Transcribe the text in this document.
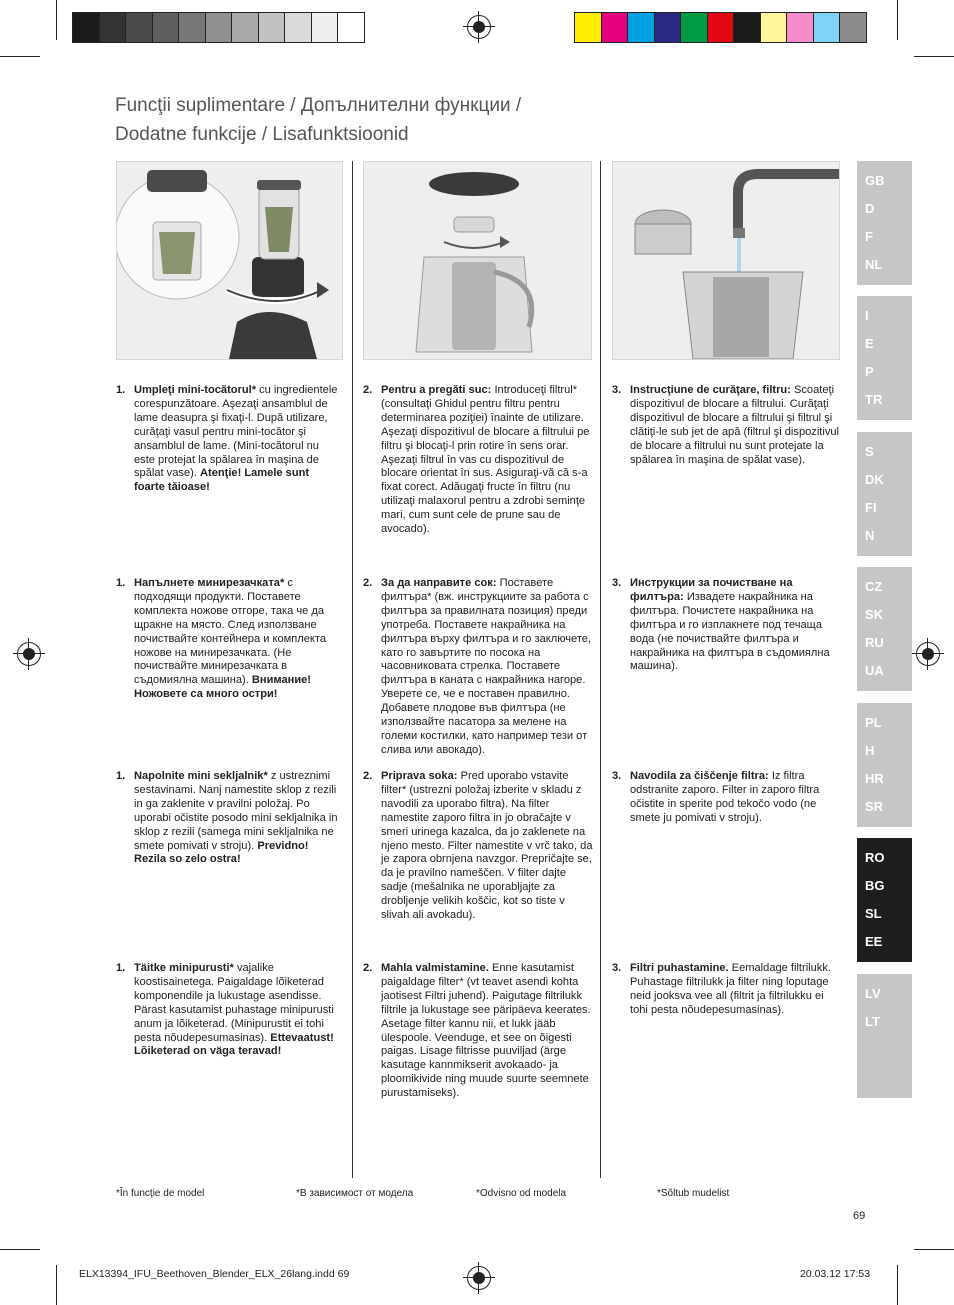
Funcţii suplimentare / Допълнителни функции /
Dodatne funkcije / Lisafunktsioonid
1. Umpleţi mini-tocătorul* cu ingredientele corespunzătoare. Aşezaţi ansamblul de lame deasupra şi fixaţi-l. După utilizare, curăţaţi vasul pentru mini-tocător şi ansamblul de lame. (Mini-tocătorul nu este protejat la spălarea în maşina de spălat vase). Atenţie! Lamele sunt foarte tăioase!
2. Pentru a pregăti suc: Introduceţi filtrul* (consultaţi Ghidul pentru filtru pentru determinarea poziţiei) înainte de utilizare. Aşezaţi dispozitivul de blocare a filtrului pe filtru şi blocaţi-l prin rotire în sens orar. Aşezaţi filtrul în vas cu dispozitivul de blocare orientat în sus. Asiguraţi-vă că s-a fixat corect. Adăugaţi fructe în filtru (nu utilizaţi malaxorul pentru a zdrobi seminţe mari, cum sunt cele de prune sau de avocado).
3. Instrucţiune de curăţare, filtru: Scoateţi dispozitivul de blocare a filtrului. Curăţaţi dispozitivul de blocare a filtrului şi filtrul şi clătiţi-le sub jet de apă (filtrul şi dispozitivul de blocare a filtrului nu sunt protejate la spălarea în maşina de spălat vase).
1. Напълнете минирезачката* с подходящи продукти. Поставете комплекта ножове отгоре, така че да щракне на мястo. След използване почиствайте контейнера и комплекта ножове на минирезачката. (Не почиствайте минирезачката в съдомиялна машина). Внимание! Ножовете са много остри!
2. За да направите сок: Поставете филтъра* (вж. инструкциите за работа с филтъра за правилната позиция) преди употреба. Поставете накрайника на филтъра върху филтъра и го заключете, като го завъртите по посока на часовниковата стрелка. Поставете филтъра в каната с накрайника нагоре. Уверете се, че е поставен правилно. Добавете плодове във филтъра (не използвайте пасатора за мелене на големи костилки, като например тези от слива или авокадо).
3. Инструкции за почистване на филтъра: Извадете накрайника на филтъра. Почистете накрайника на филтъра и го изплакнете под течаща вода (не почиствайте филтъра и накрайника на филтъра в съдомиялна машина).
1. Napolnite mini sekljalnik* z ustreznimi sestavinami. Nanj namestite sklop z rezili in ga zaklenite v pravilni položaj. Po uporabi očistite posodo mini sekljalnika in sklop z rezili (samega mini sekljalnika ne smete pomivati v stroju). Previdno! Rezila so zelo ostra!
2. Priprava soka: Pred uporabo vstavite filter* (ustrezni položaj izberite v skladu z navodili za uporabo filtra). Na filter namestite zaporo filtra in jo obračajte v smeri urinega kazalca, da jo zaklenete na njeno mesto. Filter namestite v vrč tako, da je zapora obrnjena navzgor. Prepričajte se, da je pravilno nameščen. V filter dajte sadje (mešalnika ne uporabljajte za drobljenje velikih koščic, kot so tiste v slivah ali avokadu).
3. Navodila za čiščenje filtra: Iz filtra odstranite zaporo. Filter in zaporo filtra očistite in sperite pod tekočo vodo (ne smete ju pomivati v stroju).
1. Täitke minipurusti* vajalike koostisainetega. Paigaldage lõiketerad komponendile ja lukustage asendisse. Pärast kasutamist puhastage minipurusti anum ja lõiketerad. (Minipurustit ei tohi pesta nõudepesumasinas). Ettevaatust! Lõiketerad on väga teravad!
2. Mahla valmistamine. Enne kasutamist paigaldage filter* (vt teavet asendi kohta jaotisest Filtri juhend). Paigutage filtrilukk filtrile ja lukustage see päripäeva keerates. Asetage filter kannu nii, et lukk jääb ülespoole. Veenduge, et see on õigesti paigas. Lisage filtrisse puuviljad (ärge kasutage kannmikserit avokaado- ja ploomikivide ning muude suurte seemnete purustamiseks).
3. Filtri puhastamine. Eemaldage filtrilukk. Puhastage filtrilukk ja filter ning loputage neid jooksva vee all (filtrit ja filtrilukku ei tohi pesta nõudepesumasinas).
GB
D
F
NL
I
E
P
TR
S
DK
FI
N
CZ
SK
RU
UA
PL
H
HR
SR
RO
BG
SL
EE
LV
LT
*În funcţie de model	*В зависимост от модела	*Odvisno od modela	*Sõltub mudelist
69
ELX13394_IFU_Beethoven_Blender_ELX_26lang.indd 69	20.03.12 17:53
